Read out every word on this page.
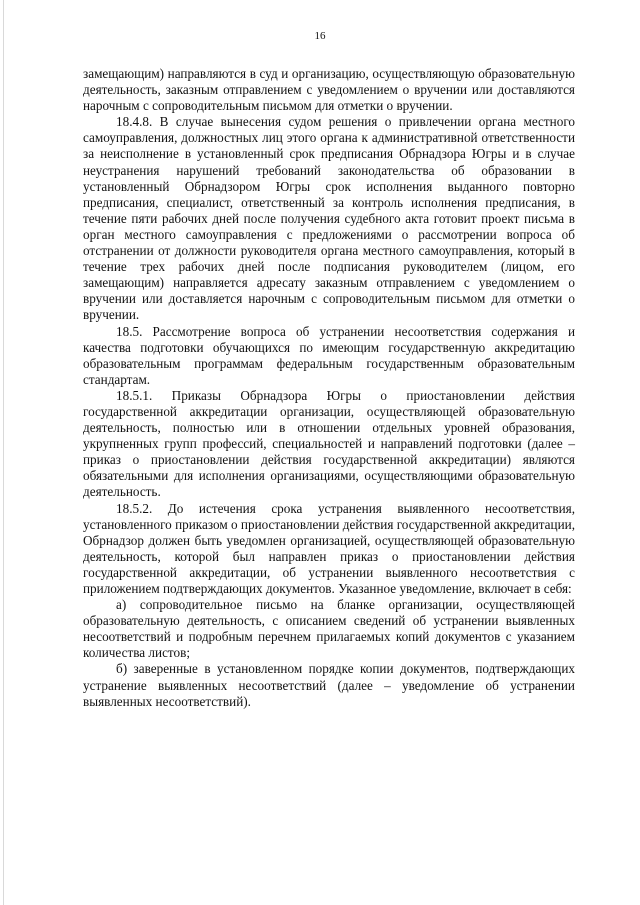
16

замещающим) направляются в суд и организацию, осуществляющую образовательную деятельность, заказным отправлением с уведомлением о вручении или доставляются нарочным с сопроводительным письмом для отметки о вручении.

18.4.8. В случае вынесения судом решения о привлечении органа местного самоуправления, должностных лиц этого органа к административной ответственности за неисполнение в установленный срок предписания Обрнадзора Югры и в случае неустранения нарушений требований законодательства об образовании в установленный Обрнадзором Югры срок исполнения выданного повторно предписания, специалист, ответственный за контроль исполнения предписания, в течение пяти рабочих дней после получения судебного акта готовит проект письма в орган местного самоуправления с предложениями о рассмотрении вопроса об отстранении от должности руководителя органа местного самоуправления, который в течение трех рабочих дней после подписания руководителем (лицом, его замещающим) направляется адресату заказным отправлением с уведомлением о вручении или доставляется нарочным с сопроводительным письмом для отметки о вручении.

18.5. Рассмотрение вопроса об устранении несоответствия содержания и качества подготовки обучающихся по имеющим государственную аккредитацию образовательным программам федеральным государственным образовательным стандартам.

18.5.1. Приказы Обрнадзора Югры о приостановлении действия государственной аккредитации организации, осуществляющей образовательную деятельность, полностью или в отношении отдельных уровней образования, укрупненных групп профессий, специальностей и направлений подготовки (далее – приказ о приостановлении действия государственной аккредитации) являются обязательными для исполнения организациями, осуществляющими образовательную деятельность.

18.5.2. До истечения срока устранения выявленного несоответствия, установленного приказом о приостановлении действия государственной аккредитации, Обрнадзор должен быть уведомлен организацией, осуществляющей образовательную деятельность, которой был направлен приказ о приостановлении действия государственной аккредитации, об устранении выявленного несоответствия с приложением подтверждающих документов. Указанное уведомление, включает в себя:

а) сопроводительное письмо на бланке организации, осуществляющей образовательную деятельность, с описанием сведений об устранении выявленных несоответствий и подробным перечнем прилагаемых копий документов с указанием количества листов;

б) заверенные в установленном порядке копии документов, подтверждающих устранение выявленных несоответствий (далее – уведомление об устранении выявленных несоответствий).
